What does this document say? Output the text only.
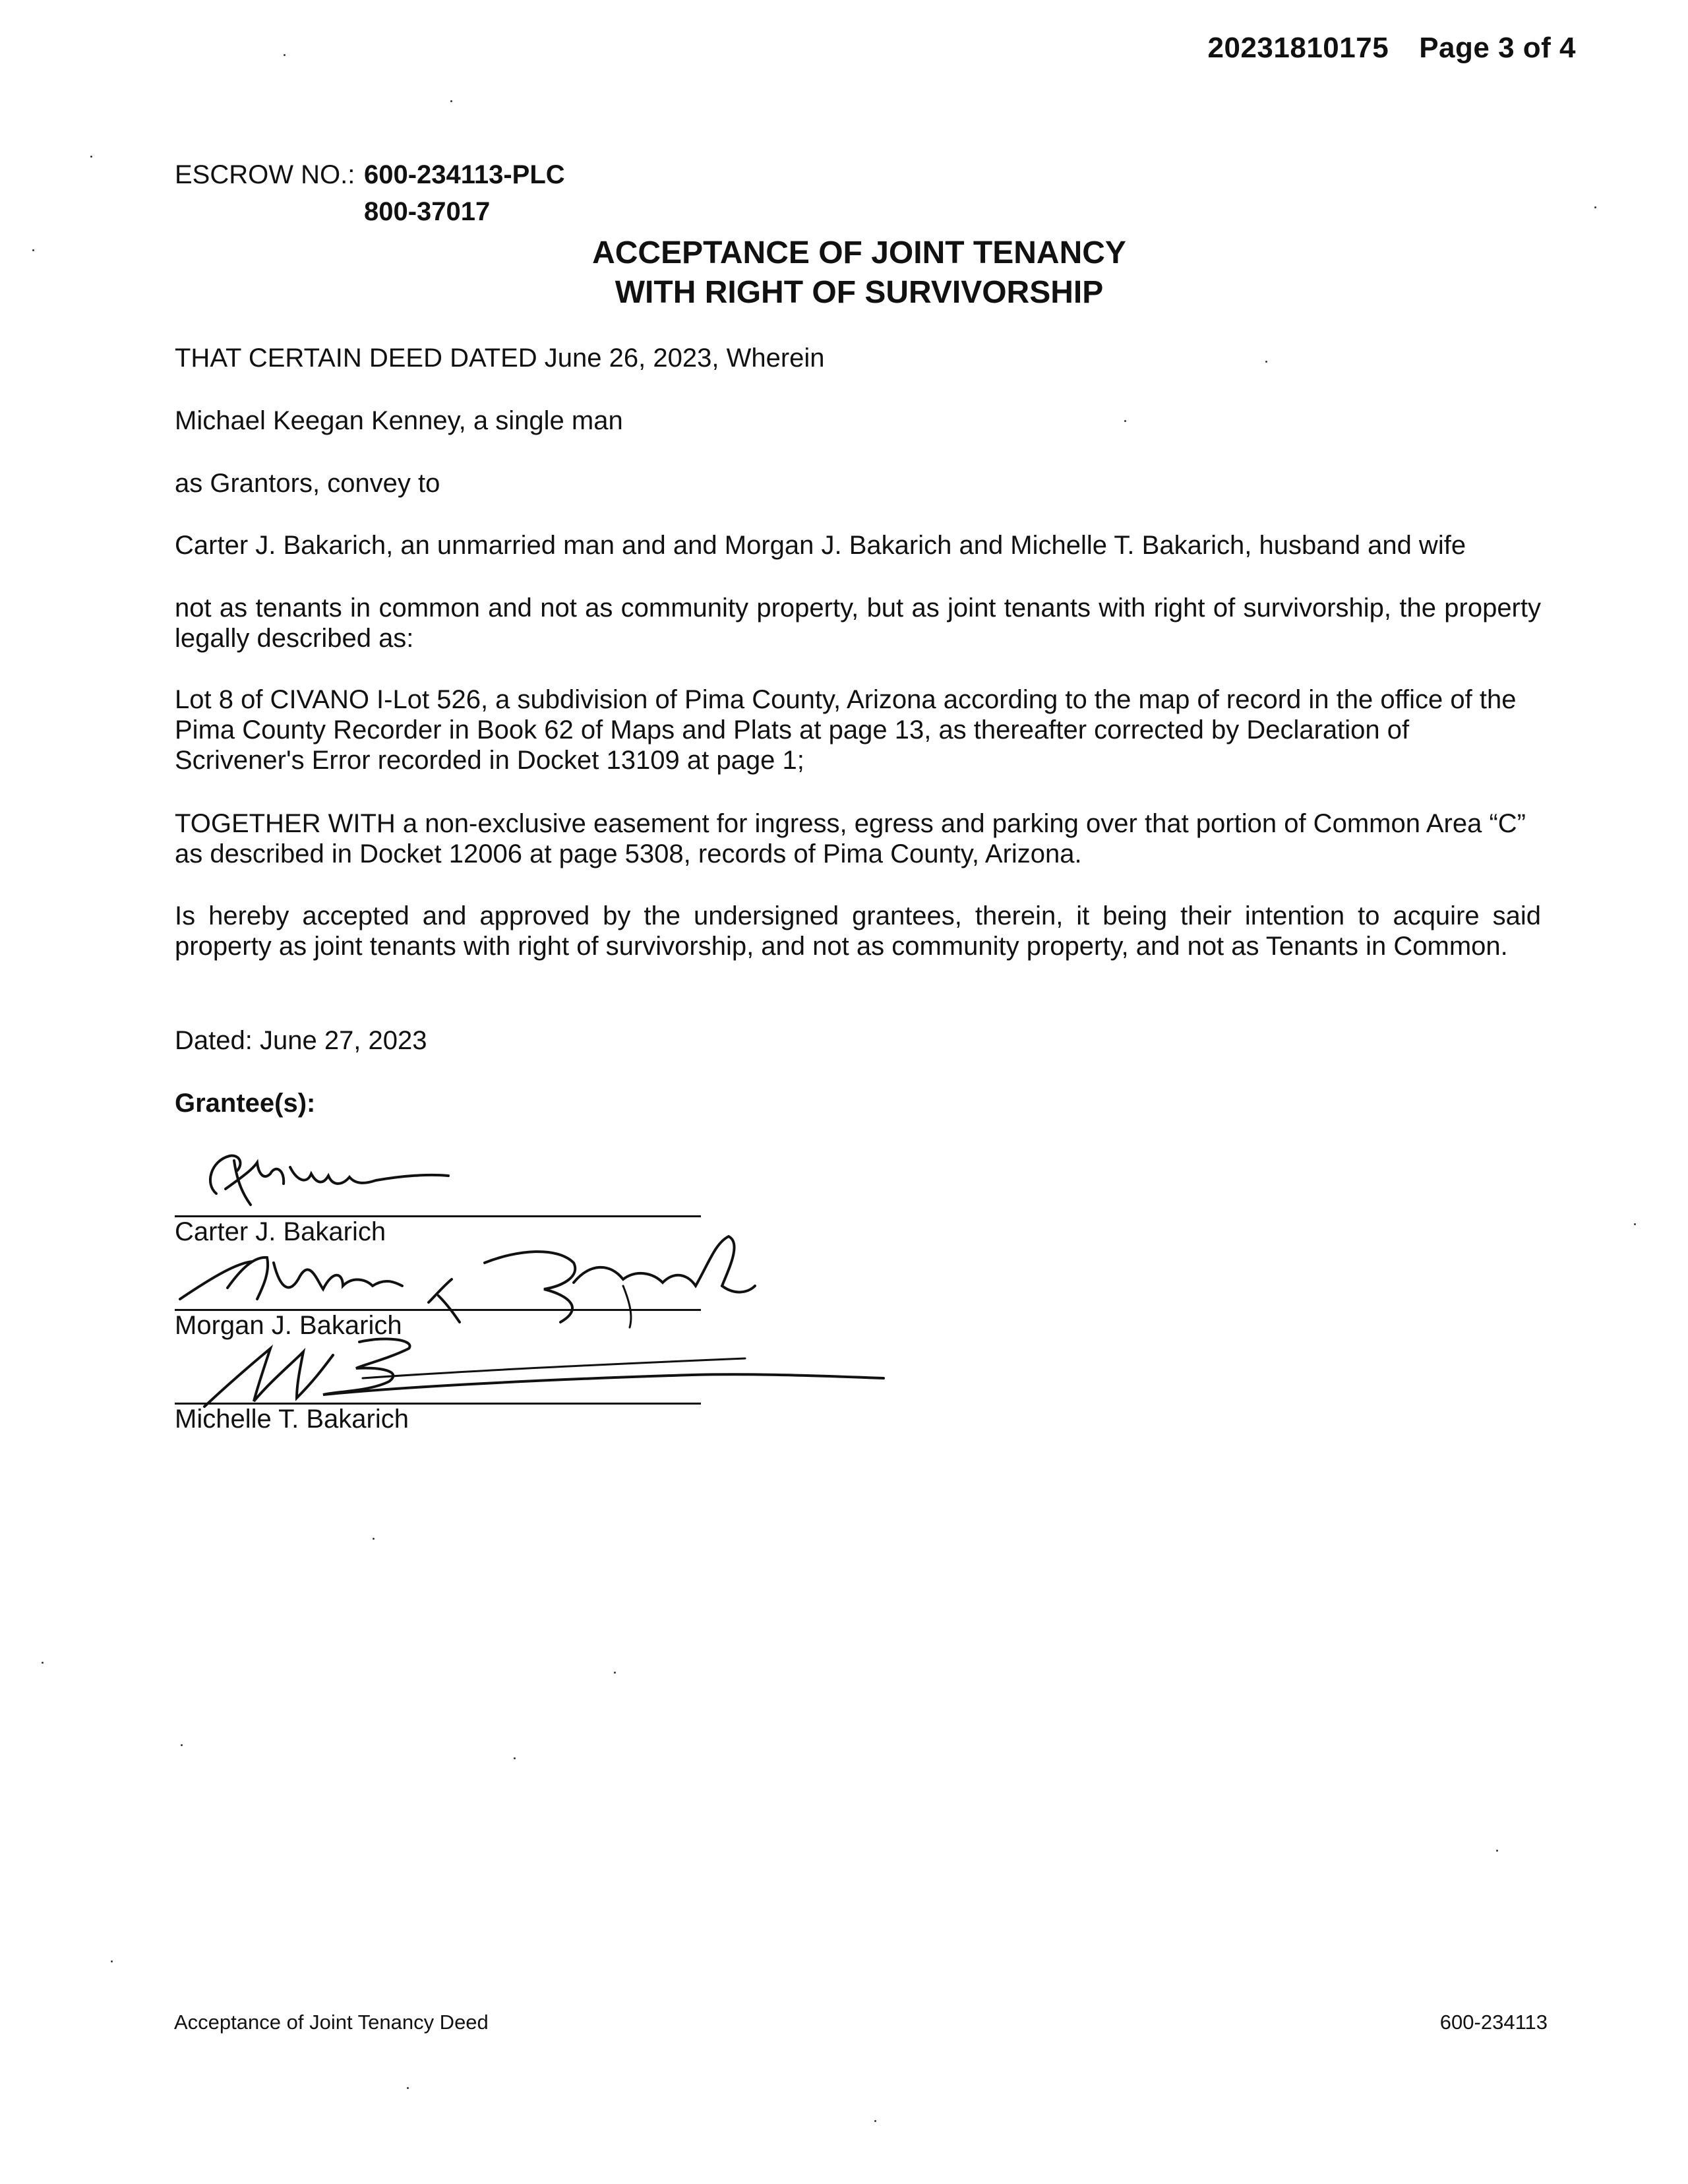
20231810175 Page 3 of 4
ESCROW NO.: 600-234113-PLC
800-37017
ACCEPTANCE OF JOINT TENANCY
WITH RIGHT OF SURVIVORSHIP
THAT CERTAIN DEED DATED June 26, 2023, Wherein
Michael Keegan Kenney, a single man
as Grantors, convey to
Carter J. Bakarich, an unmarried man and and Morgan J. Bakarich and Michelle T. Bakarich, husband and wife
not as tenants in common and not as community property, but as joint tenants with right of survivorship, the property legally described as:
Lot 8 of CIVANO I-Lot 526, a subdivision of Pima County, Arizona according to the map of record in the office of the Pima County Recorder in Book 62 of Maps and Plats at page 13, as thereafter corrected by Declaration of Scrivener's Error recorded in Docket 13109 at page 1;
TOGETHER WITH a non-exclusive easement for ingress, egress and parking over that portion of Common Area “C” as described in Docket 12006 at page 5308, records of Pima County, Arizona.
Is hereby accepted and approved by the undersigned grantees, therein, it being their intention to acquire said property as joint tenants with right of survivorship, and not as community property, and not as Tenants in Common.
Dated: June 27, 2023
Grantee(s):
Carter J. Bakarich
Morgan J. Bakarich
Michelle T. Bakarich
Acceptance of Joint Tenancy Deed	600-234113
